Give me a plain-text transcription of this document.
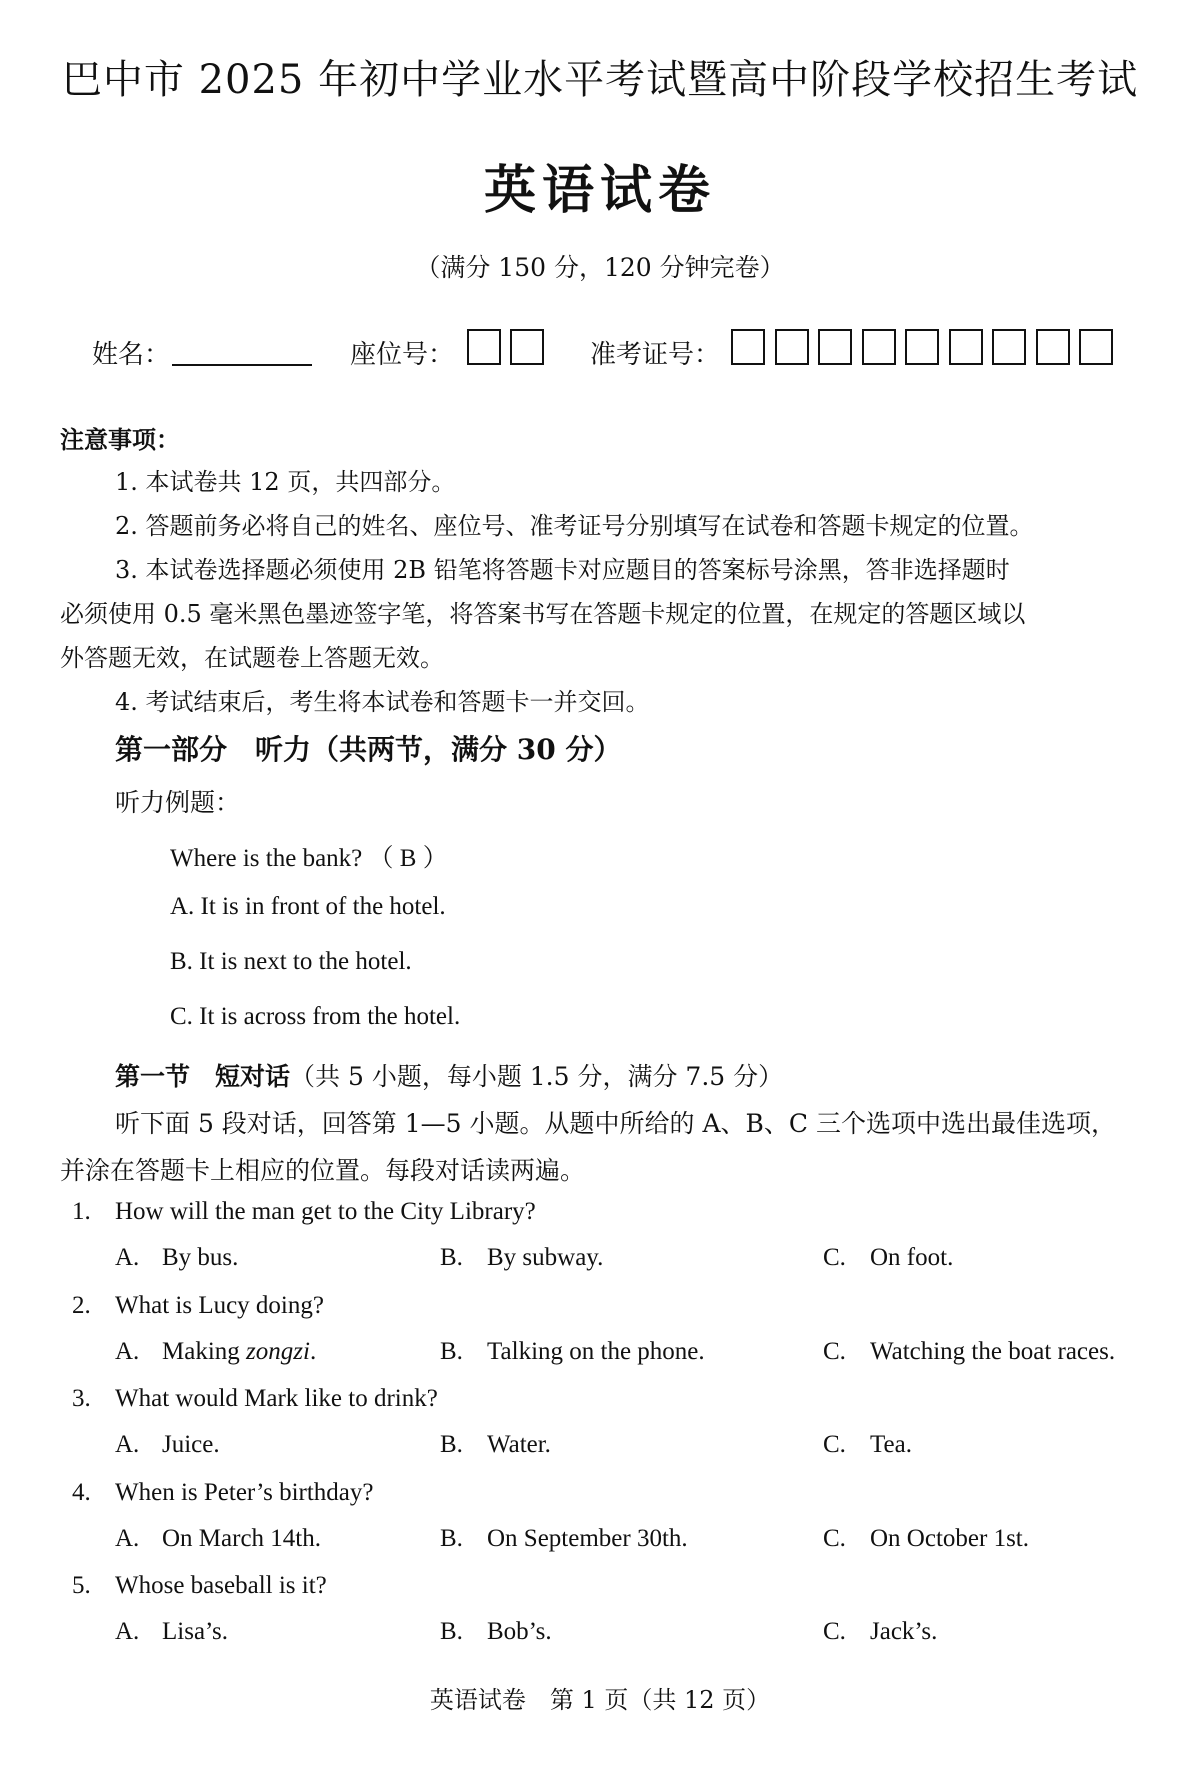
巴中市 2025 年初中学业水平考试暨高中阶段学校招生考试
英语试卷
（满分 150 分，120 分钟完卷）
姓名：	座位号：	准考证号：
注意事项：
1. 本试卷共 12 页，共四部分。
2. 答题前务必将自己的姓名、座位号、准考证号分别填写在试卷和答题卡规定的位置。
3. 本试卷选择题必须使用 2B 铅笔将答题卡对应题目的答案标号涂黑，答非选择题时
必须使用 0.5 毫米黑色墨迹签字笔，将答案书写在答题卡规定的位置，在规定的答题区域以
外答题无效，在试题卷上答题无效。
4. 考试结束后，考生将本试卷和答题卡一并交回。
第一部分　听力（共两节，满分 30 分）
听力例题：
Where is the bank? （ B ）
A. It is in front of the hotel.
B. It is next to the hotel.
C. It is across from the hotel.
第一节　短对话（共 5 小题，每小题 1.5 分，满分 7.5 分）
听下面 5 段对话，回答第 1—5 小题。从题中所给的 A、B、C 三个选项中选出最佳选项，
并涂在答题卡上相应的位置。每段对话读两遍。
1. How will the man get to the City Library?
A. By bus.	B. By subway.	C. On foot.
2. What is Lucy doing?
A. Making zongzi.	B. Talking on the phone.	C. Watching the boat races.
3. What would Mark like to drink?
A. Juice.	B. Water.	C. Tea.
4. When is Peter’s birthday?
A. On March 14th.	B. On September 30th.	C. On October 1st.
5. Whose baseball is it?
A. Lisa’s.	B. Bob’s.	C. Jack’s.
英语试卷　第 1 页（共 12 页）
